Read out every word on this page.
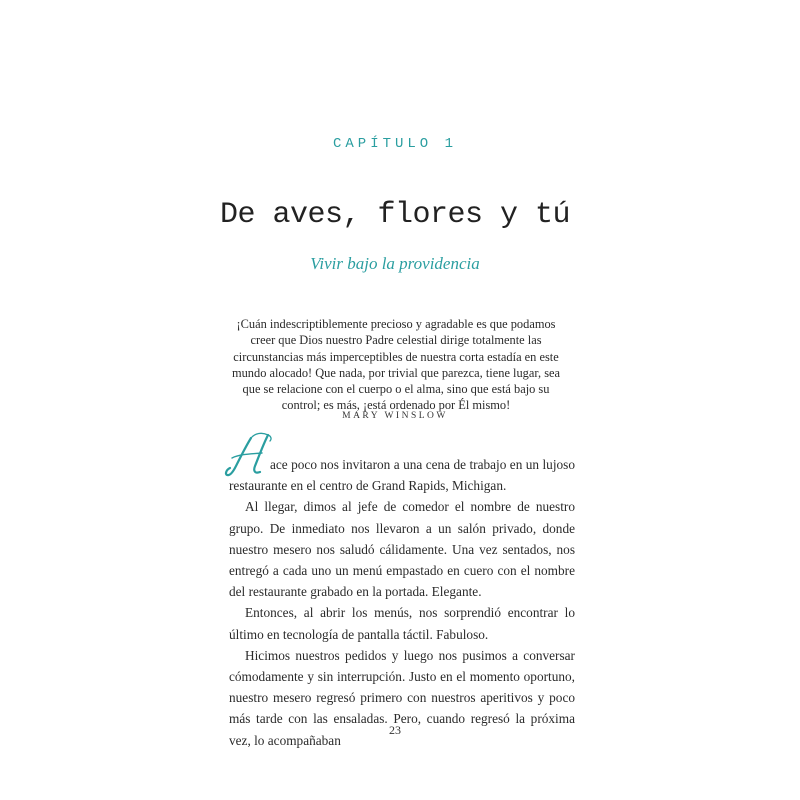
CAPÍTULO 1
De aves, flores y tú
Vivir bajo la providencia
¡Cuán indescriptiblemente precioso y agradable es que podamos creer que Dios nuestro Padre celestial dirige totalmente las circunstancias más imperceptibles de nuestra corta estadía en este mundo alocado! Que nada, por trivial que parezca, tiene lugar, sea que se relacione con el cuerpo o el alma, sino que está bajo su control; es más, ¡está ordenado por Él mismo!
MARY WINSLOW

ace poco nos invitaron a una cena de trabajo en un lujoso restaurante en el centro de Grand Rapids, Michigan.

Al llegar, dimos al jefe de comedor el nombre de nuestro grupo. De inmediato nos llevaron a un salón privado, donde nuestro mesero nos saludó cálidamente. Una vez sentados, nos entregó a cada uno un menú empastado en cuero con el nombre del restaurante grabado en la portada. Elegante.

Entonces, al abrir los menús, nos sorprendió encontrar lo último en tecnología de pantalla táctil. Fabuloso.

Hicimos nuestros pedidos y luego nos pusimos a conversar cómodamente y sin interrupción. Justo en el momento oportuno, nuestro mesero regresó primero con nuestros aperitivos y poco más tarde con las ensaladas. Pero, cuando regresó la próxima vez, lo acompañaban

23
